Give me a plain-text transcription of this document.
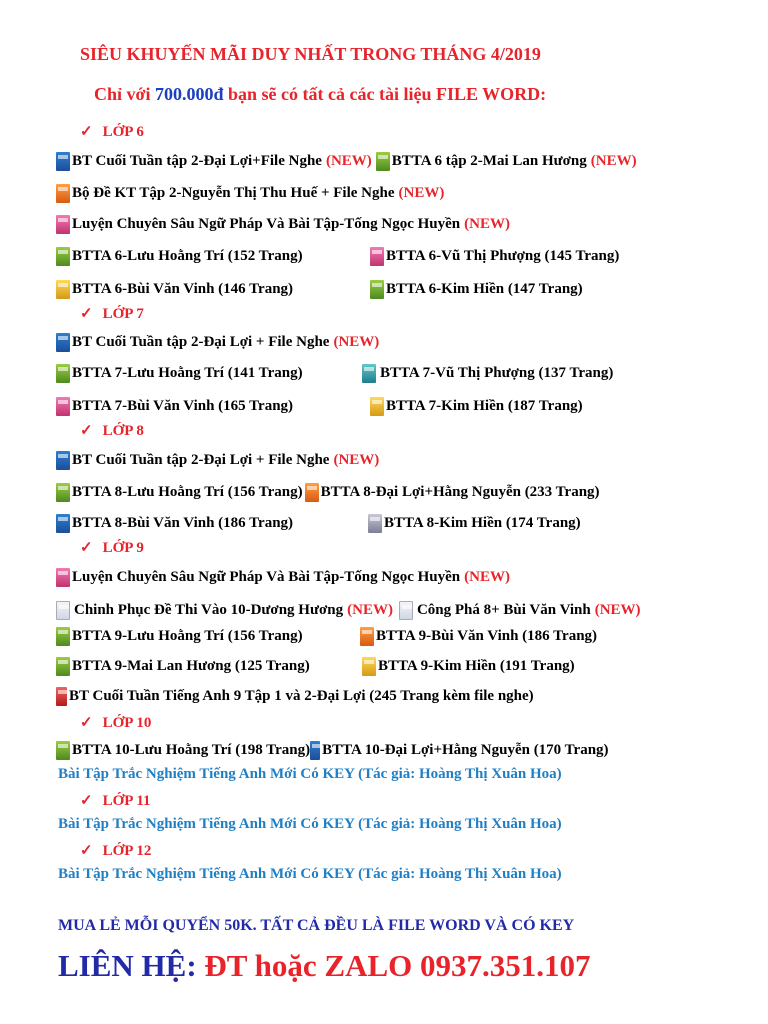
SIÊU KHUYẾN MÃI DUY NHẤT TRONG THÁNG 4/2019
Chỉ với 700.000đ bạn sẽ có tất cả các tài liệu FILE WORD:
✓ LỚP 6
BT Cuối Tuần tập 2-Đại Lợi+File Nghe (NEW) BTTA 6 tập 2-Mai Lan Hương (NEW)
Bộ Đề KT Tập 2-Nguyễn Thị Thu Huế + File Nghe (NEW)
Luyện Chuyên Sâu Ngữ Pháp Và Bài Tập-Tống Ngọc Huyền (NEW)
BTTA 6-Lưu Hoằng Trí (152 Trang)	BTTA 6-Vũ Thị Phượng (145 Trang)
BTTA 6-Bùi Văn Vinh (146 Trang)	BTTA 6-Kim Hiền (147 Trang)
✓ LỚP 7
BT Cuối Tuần tập 2-Đại Lợi + File Nghe (NEW)
BTTA 7-Lưu Hoằng Trí (141 Trang)	BTTA 7-Vũ Thị Phượng (137 Trang)
BTTA 7-Bùi Văn Vinh (165 Trang)	BTTA 7-Kim Hiền (187 Trang)
✓ LỚP 8
BT Cuối Tuần tập 2-Đại Lợi + File Nghe (NEW)
BTTA 8-Lưu Hoằng Trí (156 Trang) BTTA 8-Đại Lợi+Hằng Nguyễn (233 Trang)
BTTA 8-Bùi Văn Vinh (186 Trang)	BTTA 8-Kim Hiền (174 Trang)
✓ LỚP 9
Luyện Chuyên Sâu Ngữ Pháp Và Bài Tập-Tống Ngọc Huyền (NEW)
Chinh Phục Đề Thi Vào 10-Dương Hương (NEW) Công Phá 8+ Bùi Văn Vinh (NEW)
BTTA 9-Lưu Hoằng Trí (156 Trang)	BTTA 9-Bùi Văn Vinh (186 Trang)
BTTA 9-Mai Lan Hương (125 Trang)	BTTA 9-Kim Hiền (191 Trang)
BT Cuối Tuần Tiếng Anh 9 Tập 1 và 2-Đại Lợi (245 Trang kèm file nghe)
✓ LỚP 10
BTTA 10-Lưu Hoằng Trí (198 Trang) BTTA 10-Đại Lợi+Hằng Nguyễn (170 Trang)
Bài Tập Trắc Nghiệm Tiếng Anh Mới Có KEY (Tác giả: Hoàng Thị Xuân Hoa)
✓ LỚP 11
Bài Tập Trắc Nghiệm Tiếng Anh Mới Có KEY (Tác giả: Hoàng Thị Xuân Hoa)
✓ LỚP 12
Bài Tập Trắc Nghiệm Tiếng Anh Mới Có KEY (Tác giả: Hoàng Thị Xuân Hoa)
MUA LẺ MỖI QUYỂN 50K. TẤT CẢ ĐỀU LÀ FILE WORD VÀ CÓ KEY
LIÊN HỆ: ĐT hoặc ZALO 0937.351.107
